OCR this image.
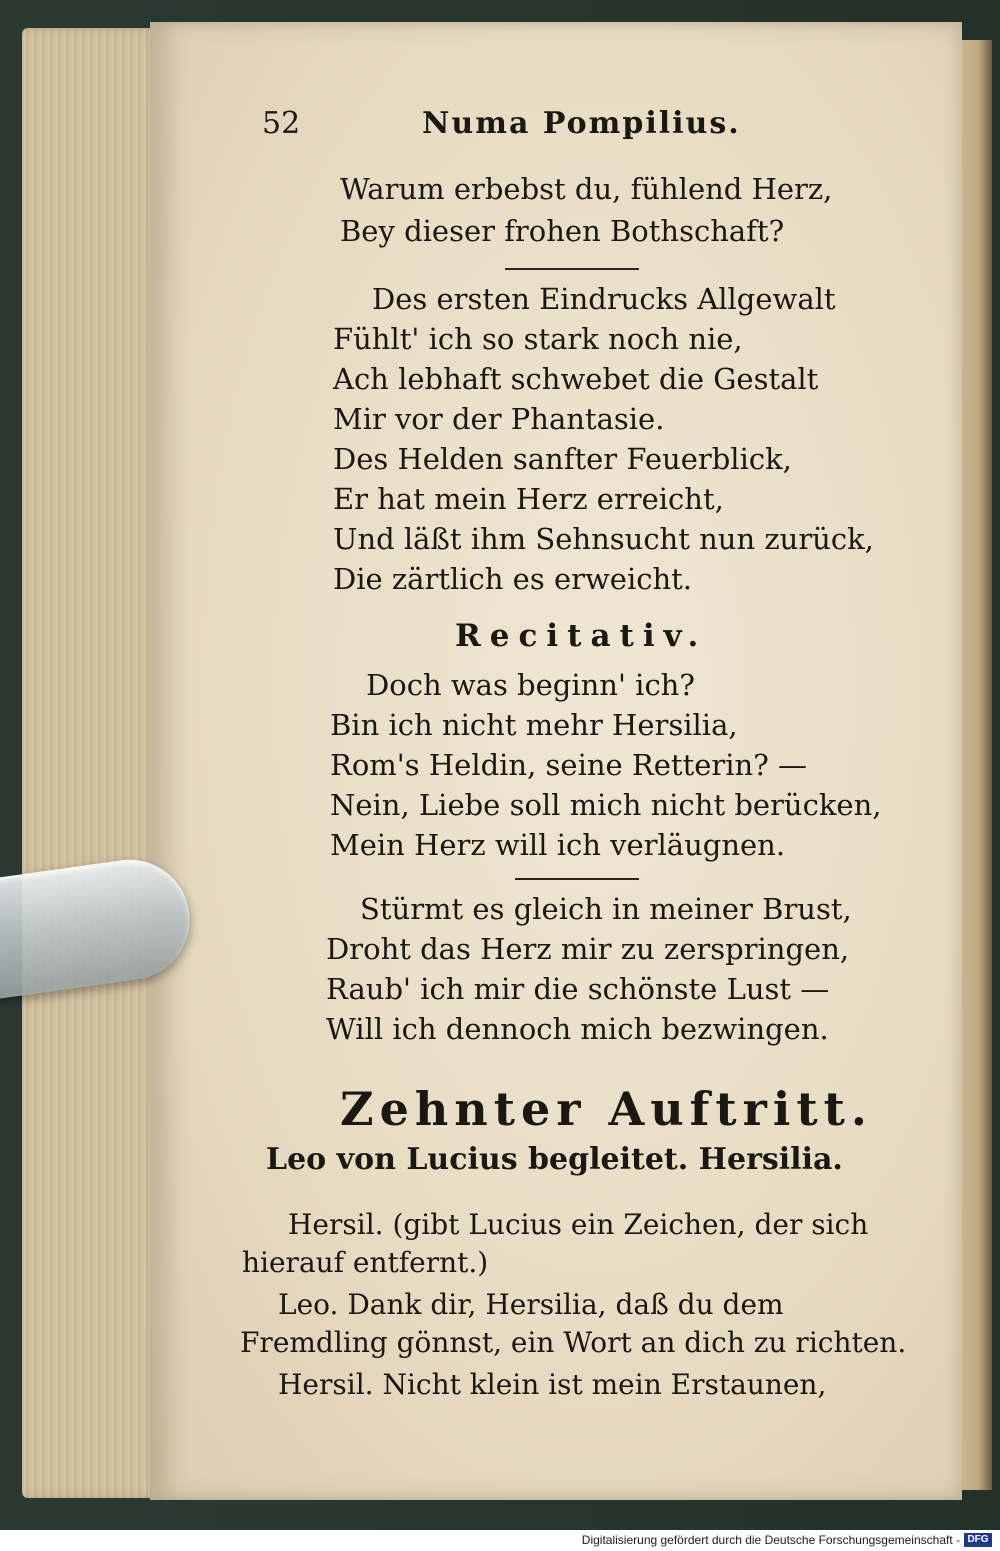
52	Numa Pompilius.
Warum erbebst du, fühlend Herz,
Bey dieser frohen Bothschaft?
Des ersten Eindrucks Allgewalt
Fühlt' ich so stark noch nie,
Ach lebhaft schwebet die Gestalt
Mir vor der Phantasie.
Des Helden sanfter Feuerblick,
Er hat mein Herz erreicht,
Und läßt ihm Sehnsucht nun zurück,
Die zärtlich es erweicht.
Recitativ.
Doch was beginn' ich?
Bin ich nicht mehr Hersilia,
Rom's Heldin, seine Retterin? —
Nein, Liebe soll mich nicht berücken,
Mein Herz will ich verläugnen.
Stürmt es gleich in meiner Brust,
Droht das Herz mir zu zerspringen,
Raub' ich mir die schönste Lust —
Will ich dennoch mich bezwingen.
Zehnter Auftritt.
Leo von Lucius begleitet. Hersilia.
Hersil. (gibt Lucius ein Zeichen, der sich
hierauf entfernt.)
Leo. Dank dir, Hersilia, daß du dem
Fremdling gönnst, ein Wort an dich zu richten.
Hersil. Nicht klein ist mein Erstaunen,
Digitalisierung gefördert durch die Deutsche Forschungsgemeinschaft - DFG
